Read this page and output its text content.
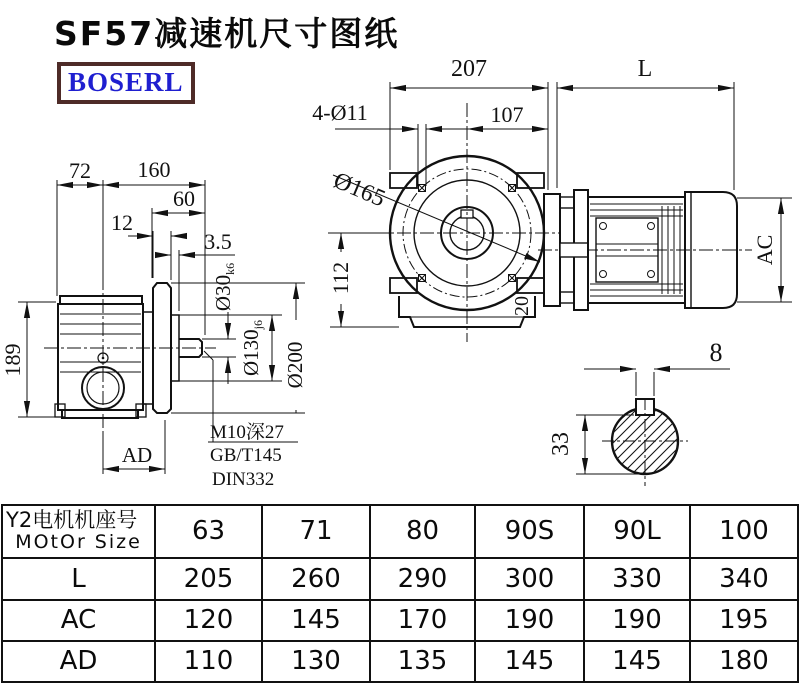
SF57减速机尺寸图纸
BOSERL
72 160
60
12
3.5
189
Ø30k6
Ø130j6
Ø200
AD
M10深27
GB/T145
DIN332
207	L
4-Ø11	107
Ø165
112
20
AC
8
33
Y2电机机座号
MOtOr Size	63	71	80	90S	90L	100
L	205	260	290	300	330	340
AC	120	145	170	190	190	195
AD	110	130	135	145	145	180
